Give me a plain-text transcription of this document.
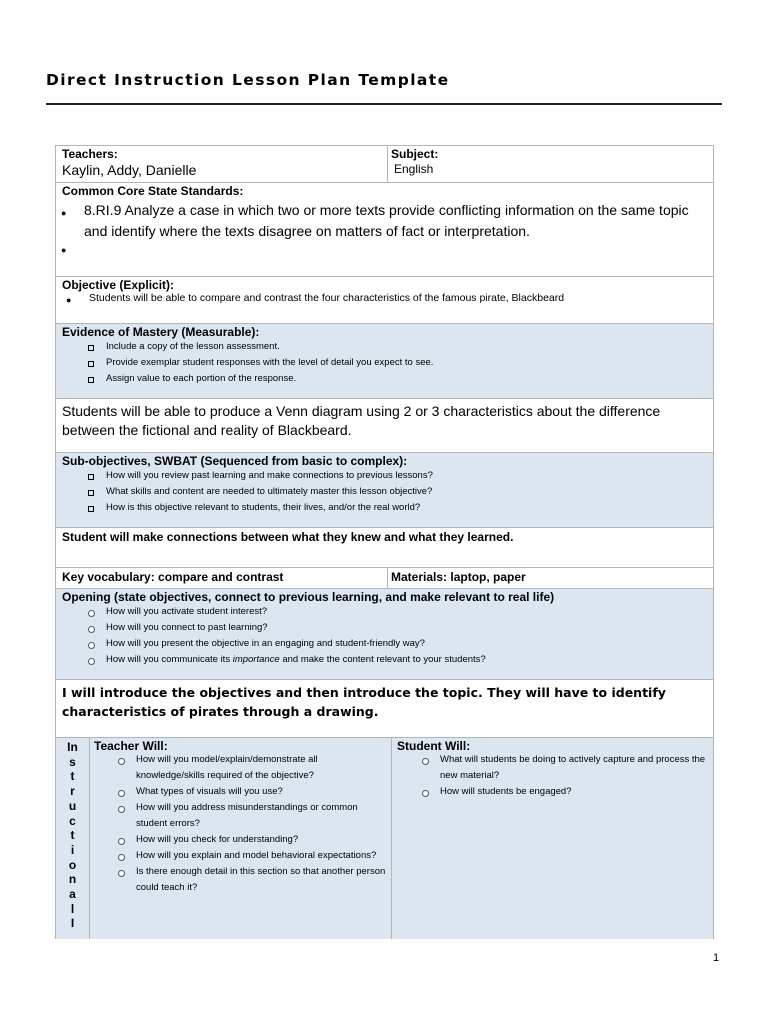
Direct Instruction Lesson Plan Template
Teachers:
Kaylin, Addy, Danielle
Subject:
English
Common Core State Standards:
● 8.RI.9 Analyze a case in which two or more texts provide conflicting information on the same topic and identify where the texts disagree on matters of fact or interpretation.
●
Objective (Explicit):
● Students will be able to compare and contrast the four characteristics of the famous pirate, Blackbeard
Evidence of Mastery (Measurable):
Include a copy of the lesson assessment.
Provide exemplar student responses with the level of detail you expect to see.
Assign value to each portion of the response.
Students will be able to produce a Venn diagram using 2 or 3 characteristics about the difference between the fictional and reality of Blackbeard.
Sub-objectives, SWBAT (Sequenced from basic to complex):
How will you review past learning and make connections to previous lessons?
What skills and content are needed to ultimately master this lesson objective?
How is this objective relevant to students, their lives, and/or the real world?
Student will make connections between what they knew and what they learned.
Key vocabulary: compare and contrast	Materials: laptop, paper
Opening (state objectives, connect to previous learning, and make relevant to real life)
How will you activate student interest?
How will you connect to past learning?
How will you present the objective in an engaging and student-friendly way?
How will you communicate its importance and make the content relevant to your students?
I will introduce the objectives and then introduce the topic. They will have to identify characteristics of pirates through a drawing.
In
s
t
r
u
c
t
i
o
n
a
l
I
Teacher Will:
How will you model/explain/demonstrate all knowledge/skills required of the objective?
What types of visuals will you use?
How will you address misunderstandings or common student errors?
How will you check for understanding?
How will you explain and model behavioral expectations?
Is there enough detail in this section so that another person could teach it?
Student Will:
What will students be doing to actively capture and process the new material?
How will students be engaged?
1
